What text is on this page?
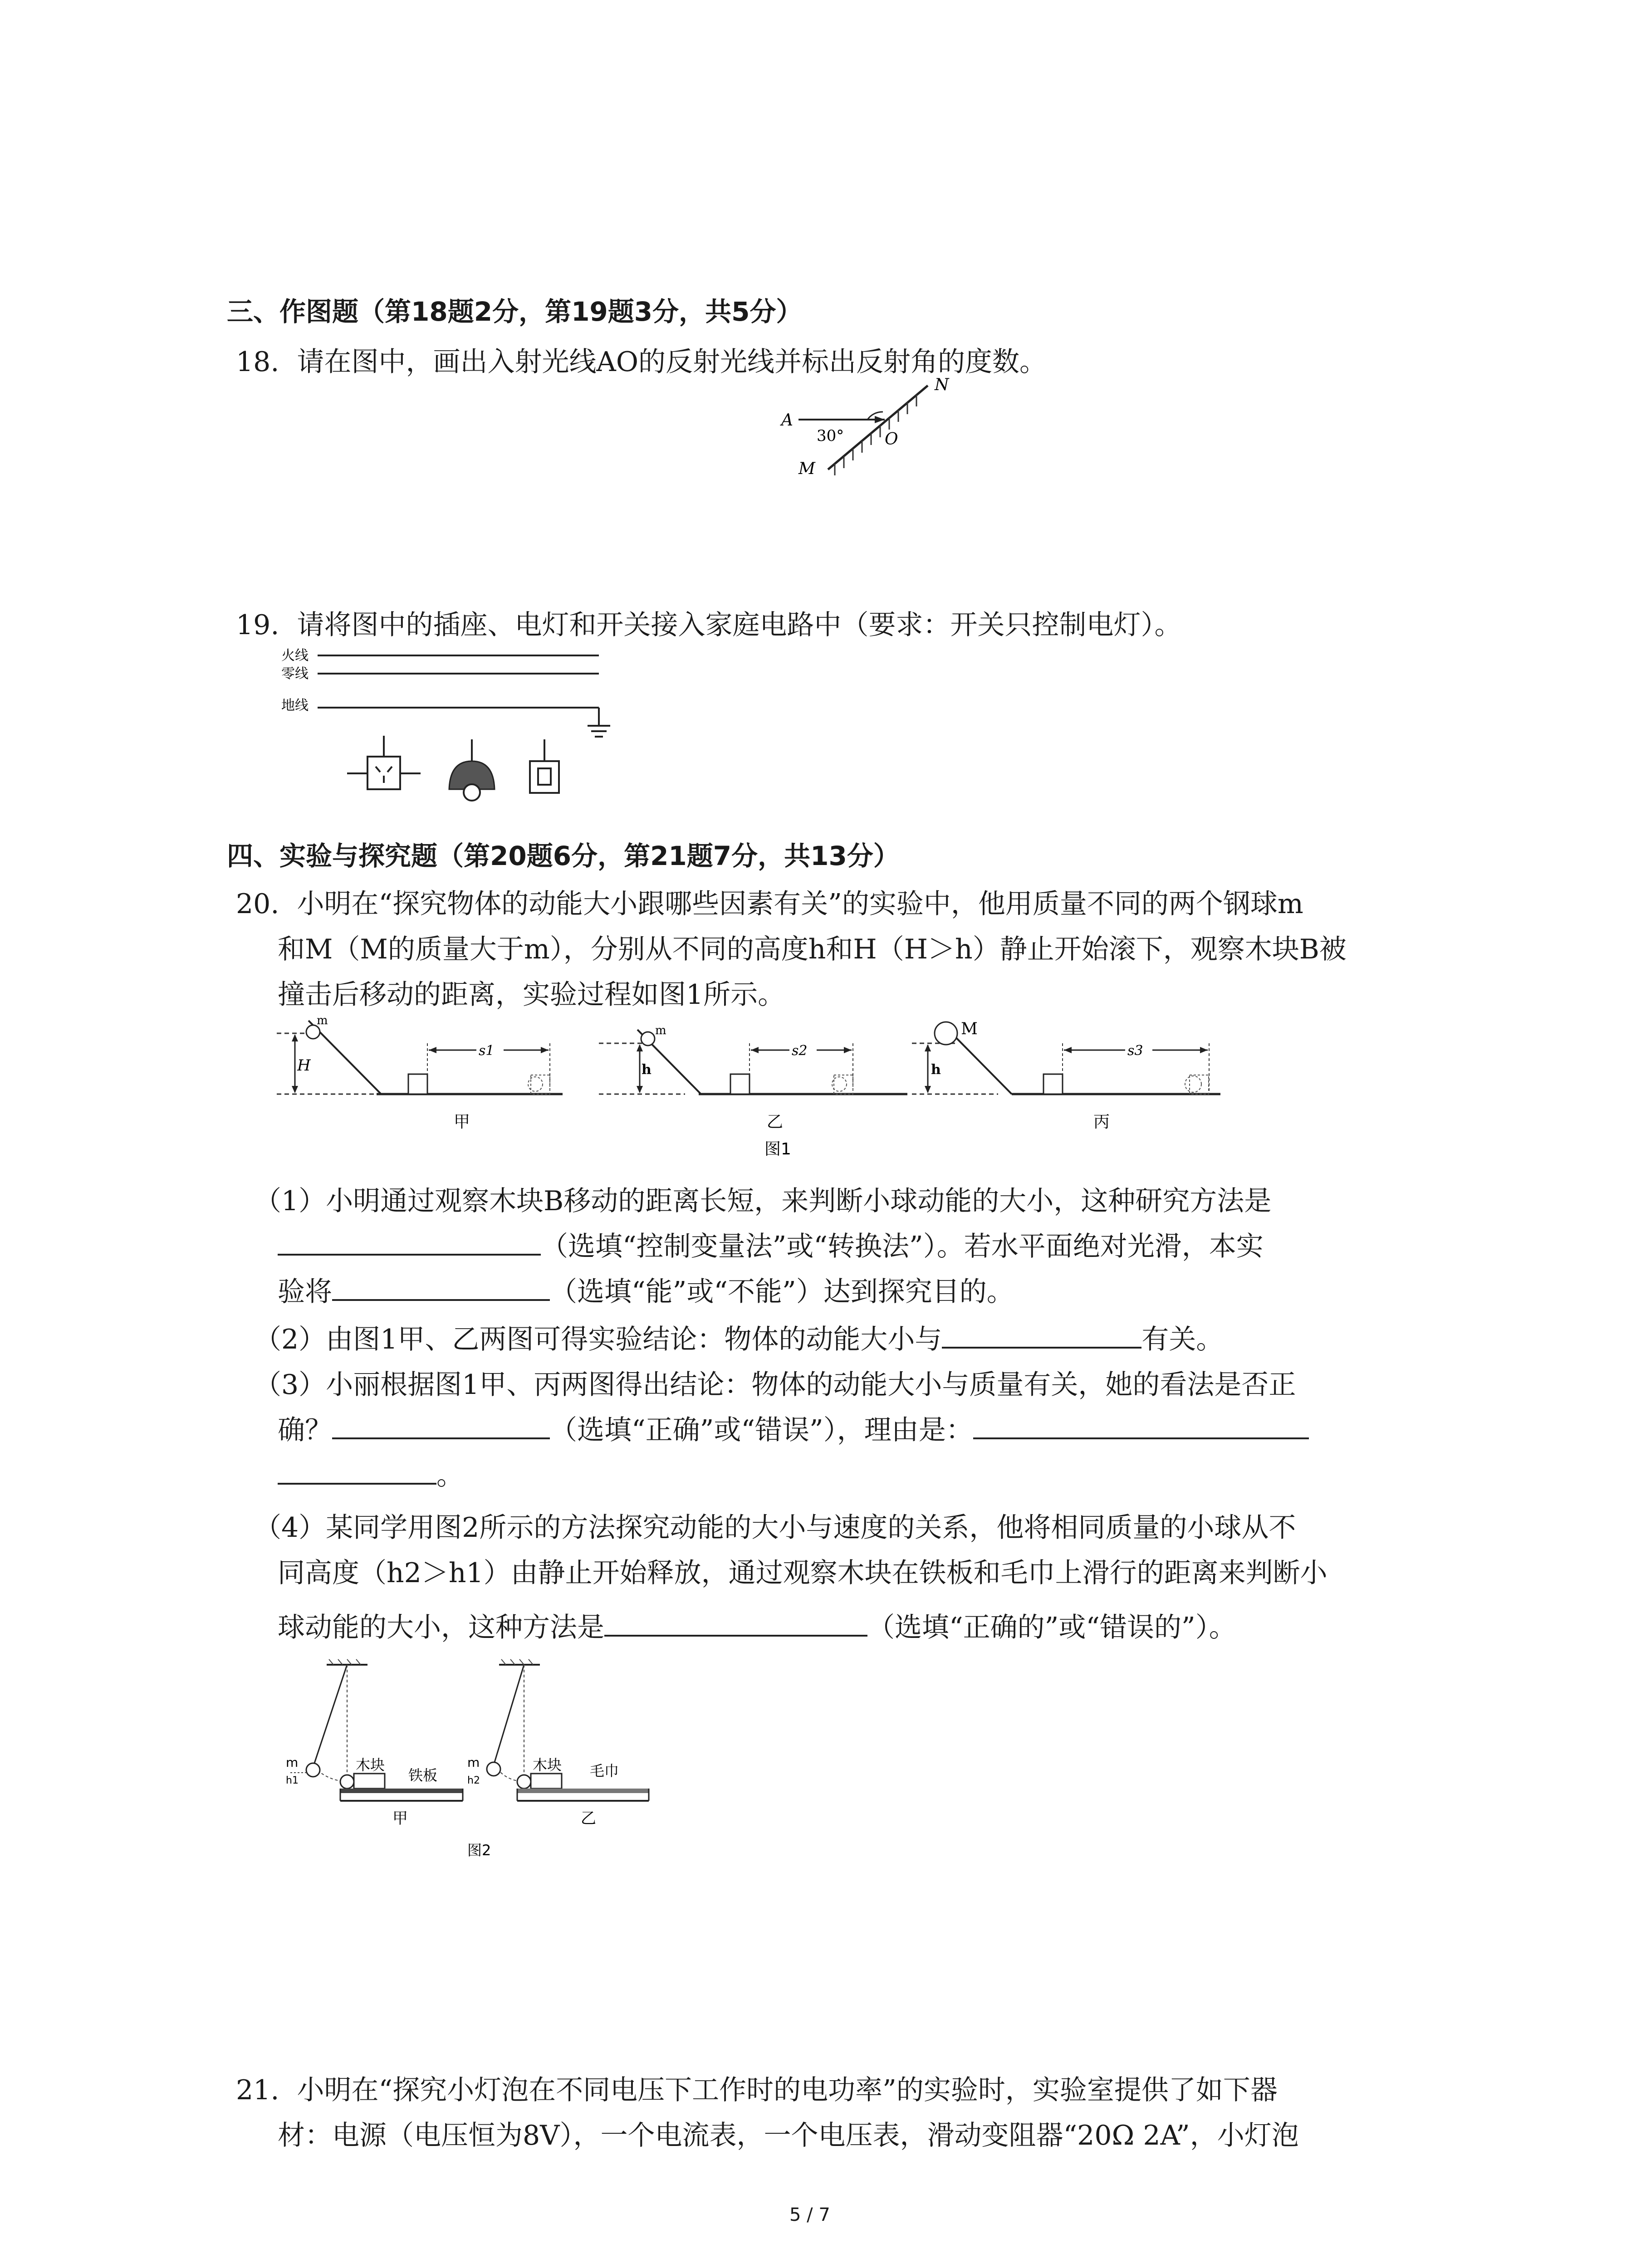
三、作图题（第18题2分，第19题3分，共5分）
18. 请在图中，画出入射光线AO的反射光线并标出反射角的度数。
A
N
O
M
30°
19. 请将图中的插座、电灯和开关接入家庭电路中（要求：开关只控制电灯）。
火线
零线
地线
四、实验与探究题（第20题6分，第21题7分，共13分）
20. 小明在“探究物体的动能大小跟哪些因素有关”的实验中，他用质量不同的两个钢球m
和M（M的质量大于m），分别从不同的高度h和H（H＞h）静止开始滚下，观察木块B被
撞击后移动的距离，实验过程如图1所示。
H
m
s1
甲
h
m
s2
乙
图1
h
M
s3
丙
（1）小明通过观察木块B移动的距离长短，来判断小球动能的大小，这种研究方法是
（选填“控制变量法”或“转换法”）。若水平面绝对光滑，本实
验将	（选填“能”或“不能”）达到探究目的。
（2）由图1甲、乙两图可得实验结论：物体的动能大小与	有关。
（3）小丽根据图1甲、丙两图得出结论：物体的动能大小与质量有关，她的看法是否正
确？	（选填“正确”或“错误”），理由是：
。
（4）某同学用图2所示的方法探究动能的大小与速度的关系，他将相同质量的小球从不
同高度（h2＞h1）由静止开始释放，通过观察木块在铁板和毛巾上滑行的距离来判断小
球动能的大小，这种方法是	（选填“正确的”或“错误的”）。
m
h1
木块
铁板
甲
图2
m
h2
木块 毛巾
乙
21. 小明在“探究小灯泡在不同电压下工作时的电功率”的实验时，实验室提供了如下器
材：电源（电压恒为8V），一个电流表，一个电压表，滑动变阻器“20Ω 2A”，小灯泡
5 / 7
